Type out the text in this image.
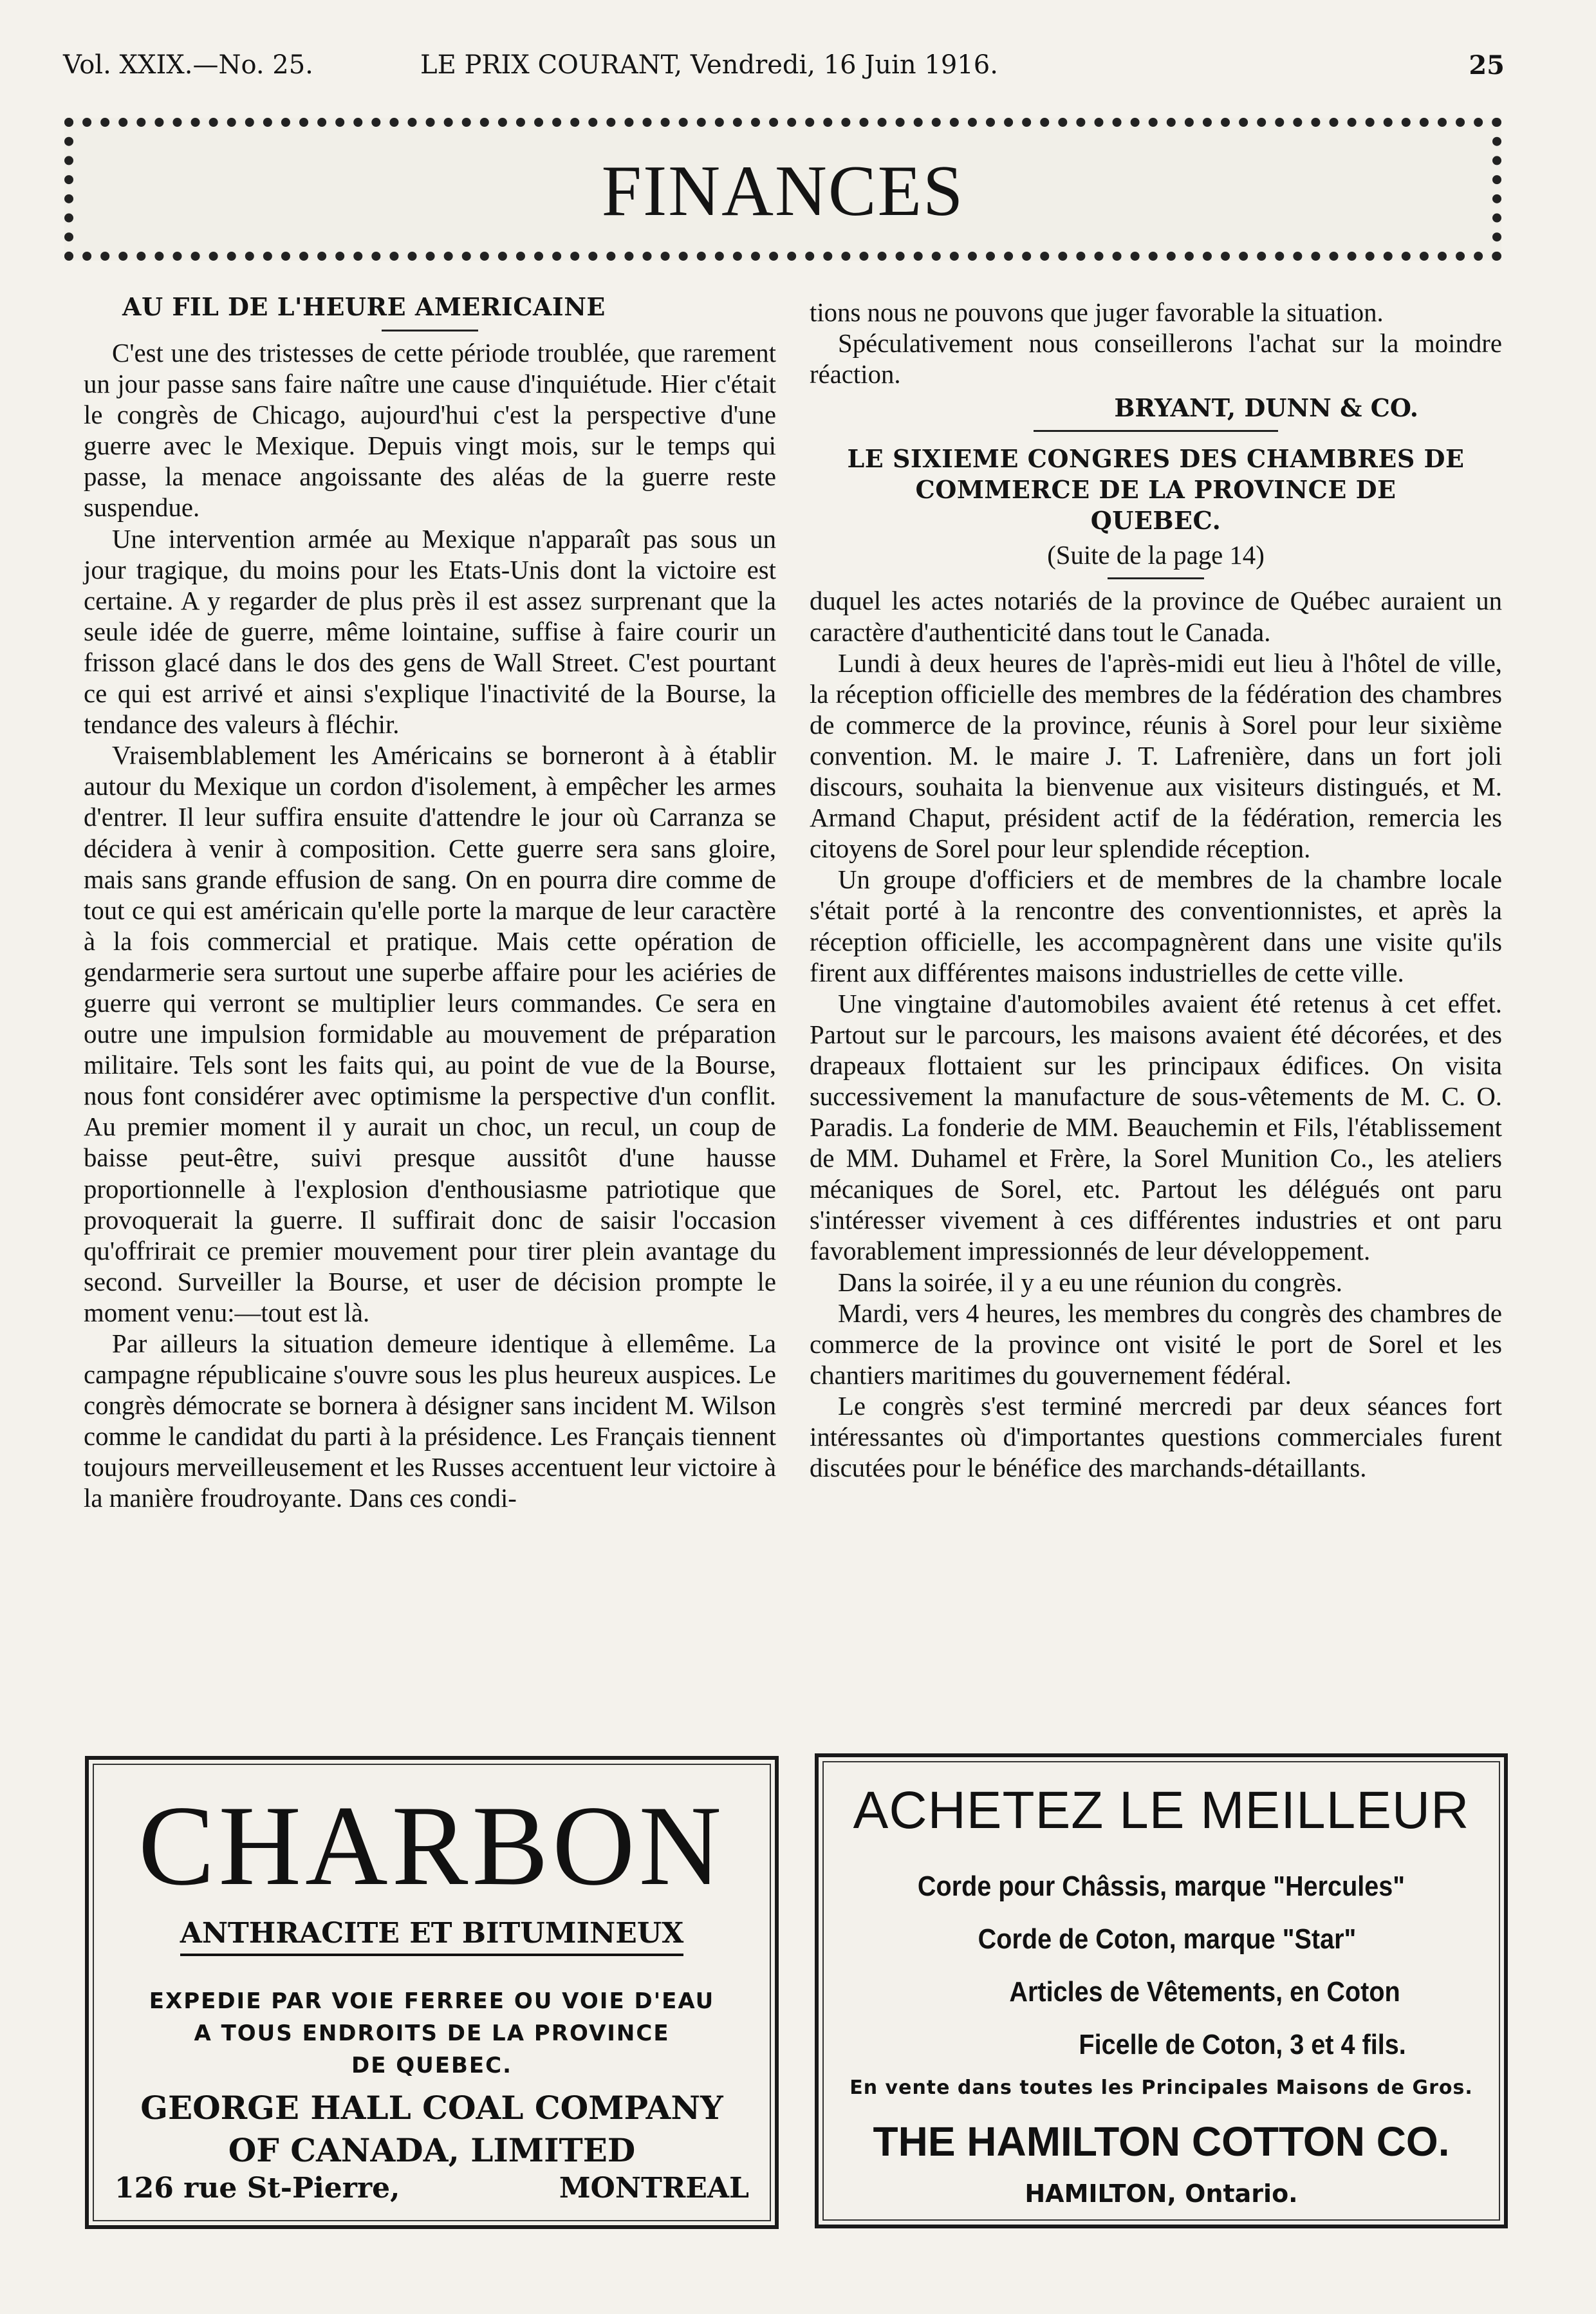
Vol. XXIX.—No. 25.	LE PRIX COURANT, Vendredi, 16 Juin 1916.	25
FINANCES
AU FIL DE L'HEURE AMERICAINE

C'est une des tristesses de cette période troublée, que rarement un jour passe sans faire naître une cause d'inquiétude. Hier c'était le congrès de Chicago, aujourd'hui c'est la perspective d'une guerre avec le Mexique. Depuis vingt mois, sur le temps qui passe, la menace angoissante des aléas de la guerre reste suspendue.

Une intervention armée au Mexique n'apparaît pas sous un jour tragique, du moins pour les Etats-Unis dont la victoire est certaine. A y regarder de plus près il est assez surprenant que la seule idée de guerre, même lointaine, suffise à faire courir un frisson glacé dans le dos des gens de Wall Street. C'est pourtant ce qui est arrivé et ainsi s'explique l'inactivité de la Bourse, la tendance des valeurs à fléchir.

Vraisemblablement les Américains se borneront à à établir autour du Mexique un cordon d'isolement, à empêcher les armes d'entrer. Il leur suffira ensuite d'attendre le jour où Carranza se décidera à venir à composition. Cette guerre sera sans gloire, mais sans grande effusion de sang. On en pourra dire comme de tout ce qui est américain qu'elle porte la marque de leur caractère à la fois commercial et pratique. Mais cette opération de gendarmerie sera surtout une superbe affaire pour les aciéries de guerre qui verront se multiplier leurs commandes. Ce sera en outre une impulsion formidable au mouvement de préparation militaire. Tels sont les faits qui, au point de vue de la Bourse, nous font considérer avec optimisme la perspective d'un conflit. Au premier moment il y aurait un choc, un recul, un coup de baisse peut-être, suivi presque aussitôt d'une hausse proportionnelle à l'explosion d'enthousiasme patriotique que provoquerait la guerre. Il suffirait donc de saisir l'occasion qu'offrirait ce premier mouvement pour tirer plein avantage du second. Surveiller la Bourse, et user de décision prompte le moment venu:—tout est là.

Par ailleurs la situation demeure identique à ellemême. La campagne républicaine s'ouvre sous les plus heureux auspices. Le congrès démocrate se bornera à désigner sans incident M. Wilson comme le candidat du parti à la présidence. Les Français tiennent toujours merveilleusement et les Russes accentuent leur victoire à la manière froudroyante. Dans ces condi-

tions nous ne pouvons que juger favorable la situation.

Spéculativement nous conseillerons l'achat sur la moindre réaction.

BRYANT, DUNN & CO.
LE SIXIEME CONGRES DES CHAMBRES DE
COMMERCE DE LA PROVINCE DE
QUEBEC.
(Suite de la page 14)

duquel les actes notariés de la province de Québec auraient un caractère d'authenticité dans tout le Canada.

Lundi à deux heures de l'après-midi eut lieu à l'hôtel de ville, la réception officielle des membres de la fédération des chambres de commerce de la province, réunis à Sorel pour leur sixième convention. M. le maire J. T. Lafrenière, dans un fort joli discours, souhaita la bienvenue aux visiteurs distingués, et M. Armand Chaput, président actif de la fédération, remercia les citoyens de Sorel pour leur splendide réception.

Un groupe d'officiers et de membres de la chambre locale s'était porté à la rencontre des conventionnistes, et après la réception officielle, les accompagnèrent dans une visite qu'ils firent aux différentes maisons industrielles de cette ville.

Une vingtaine d'automobiles avaient été retenus à cet effet. Partout sur le parcours, les maisons avaient été décorées, et des drapeaux flottaient sur les principaux édifices. On visita successivement la manufacture de sous-vêtements de M. C. O. Paradis. La fonderie de MM. Beauchemin et Fils, l'établissement de MM. Duhamel et Frère, la Sorel Munition Co., les ateliers mécaniques de Sorel, etc. Partout les délégués ont paru s'intéresser vivement à ces différentes industries et ont paru favorablement impressionnés de leur développement.

Dans la soirée, il y a eu une réunion du congrès.

Mardi, vers 4 heures, les membres du congrès des chambres de commerce de la province ont visité le port de Sorel et les chantiers maritimes du gouvernement fédéral.

Le congrès s'est terminé mercredi par deux séances fort intéressantes où d'importantes questions commerciales furent discutées pour le bénéfice des marchands-détaillants.

CHARBON
ANTHRACITE ET BITUMINEUX
EXPEDIE PAR VOIE FERREE OU VOIE D'EAU
A TOUS ENDROITS DE LA PROVINCE
DE QUEBEC.
GEORGE HALL COAL COMPANY
OF CANADA, LIMITED
126 rue St-Pierre,	MONTREAL
ACHETEZ LE MEILLEUR
Corde pour Châssis, marque "Hercules"
Corde de Coton, marque "Star"
Articles de Vêtements, en Coton
Ficelle de Coton, 3 et 4 fils.
En vente dans toutes les Principales Maisons de Gros.
THE HAMILTON COTTON CO.
HAMILTON, Ontario.
